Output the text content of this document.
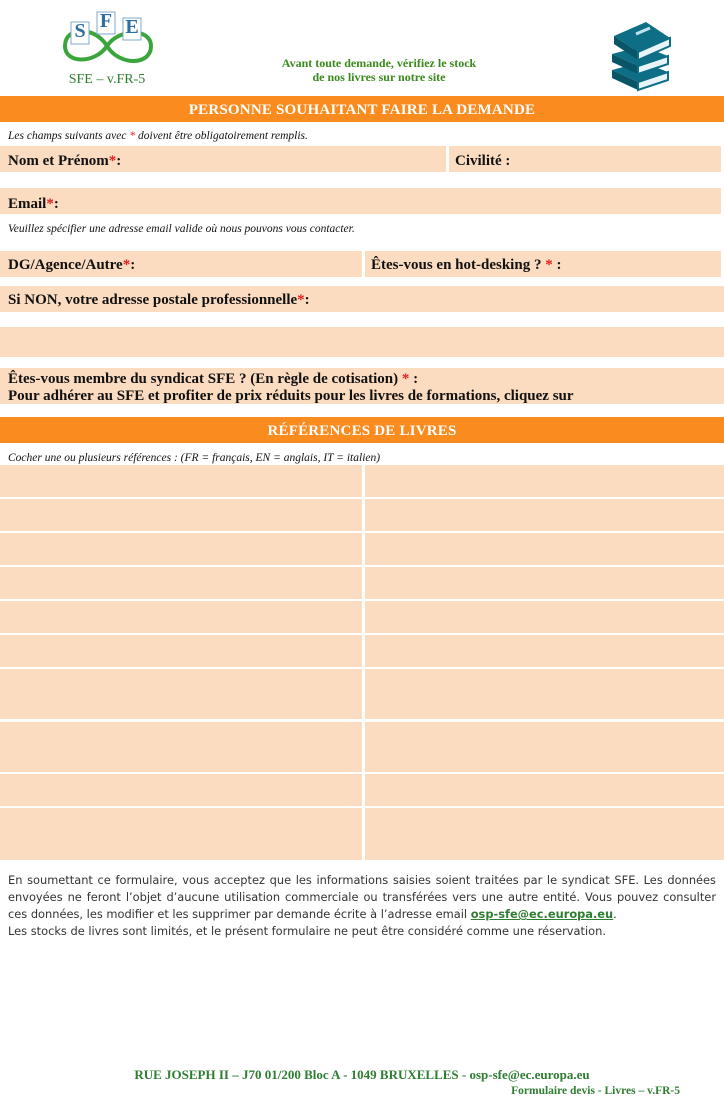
S F E
SFE – v.FR-5
Avant toute demande, vérifiez le stock
de nos livres sur notre site
PERSONNE SOUHAITANT FAIRE LA DEMANDE
Les champs suivants avec * doivent être obligatoirement remplis.
Nom et Prénom*:	Civilité :
Email*:
Veuillez spécifier une adresse email valide où nous pouvons vous contacter.
DG/Agence/Autre*:	Êtes-vous en hot-desking ? * :
Si NON, votre adresse postale professionnelle*:
Êtes-vous membre du syndicat SFE ? (En règle de cotisation) * :
Pour adhérer au SFE et profiter de prix réduits pour les livres de formations, cliquez sur
RÉFÉRENCES DE LIVRES
Cocher une ou plusieurs références : (FR = français, EN = anglais, IT = italien)
En soumettant ce formulaire, vous acceptez que les informations saisies soient traitées par le syndicat SFE. Les données envoyées ne feront l’objet d’aucune utilisation commerciale ou transférées vers une autre entité. Vous pouvez consulter ces données, les modifier et les supprimer par demande écrite à l’adresse email osp-sfe@ec.europa.eu.
Les stocks de livres sont limités, et le présent formulaire ne peut être considéré comme une réservation.
RUE JOSEPH II – J70 01/200 Bloc A - 1049 BRUXELLES - osp-sfe@ec.europa.eu
Formulaire devis - Livres – v.FR-5
